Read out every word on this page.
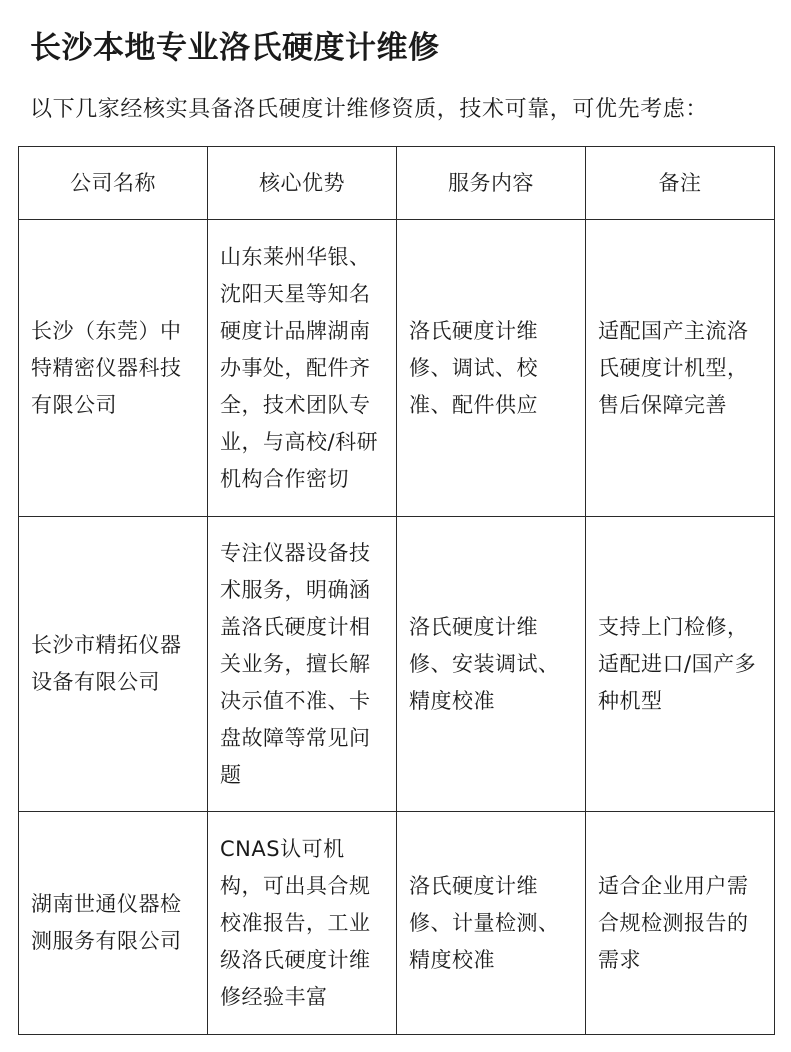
长沙本地专业洛氏硬度计维修
以下几家经核实具备洛氏硬度计维修资质，技术可靠，可优先考虑：
公司名称	核心优势	服务内容	备注
长沙（东莞）中特精密仪器科技有限公司	山东莱州华银、沈阳天星等知名硬度计品牌湖南办事处，配件齐全，技术团队专业，与高校/科研机构合作密切	洛氏硬度计维修、调试、校准、配件供应	适配国产主流洛氏硬度计机型，售后保障完善
长沙市精拓仪器设备有限公司	专注仪器设备技术服务，明确涵盖洛氏硬度计相关业务，擅长解决示值不准、卡盘故障等常见问题	洛氏硬度计维修、安装调试、精度校准	支持上门检修，适配进口/国产多种机型
湖南世通仪器检测服务有限公司	CNAS认可机构，可出具合规校准报告，工业级洛氏硬度计维修经验丰富	洛氏硬度计维修、计量检测、精度校准	适合企业用户需合规检测报告的需求
